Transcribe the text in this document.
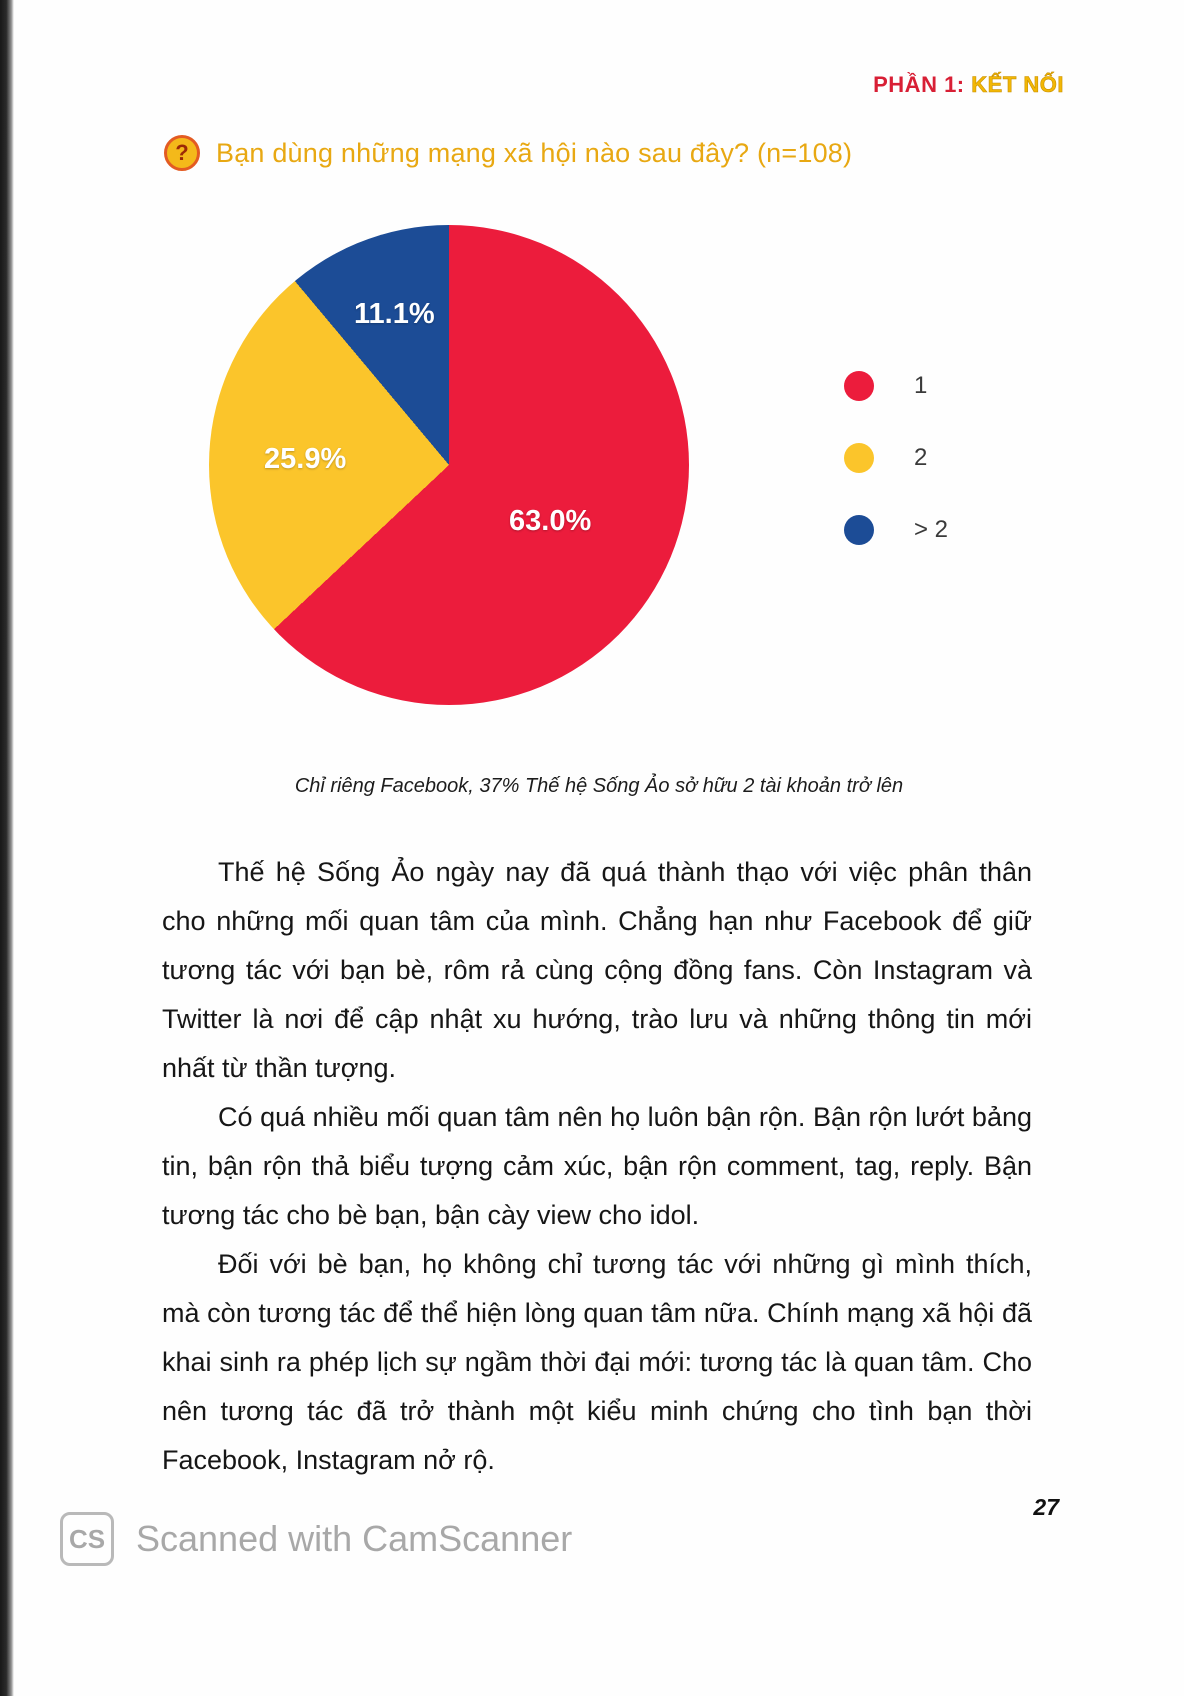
PHẦN 1: KẾT NỐI
?	Bạn dùng những mạng xã hội nào sau đây? (n=108)
63.0%
25.9%
11.1%
1
2
> 2
Chỉ riêng Facebook, 37% Thế hệ Sống Ảo sở hữu 2 tài khoản trở lên

Thế hệ Sống Ảo ngày nay đã quá thành thạo với việc phân thân cho những mối quan tâm của mình. Chẳng hạn như Facebook để giữ tương tác với bạn bè, rôm rả cùng cộng đồng fans. Còn Instagram và Twitter là nơi để cập nhật xu hướng, trào lưu và những thông tin mới nhất từ thần tượng.

Có quá nhiều mối quan tâm nên họ luôn bận rộn. Bận rộn lướt bảng tin, bận rộn thả biểu tượng cảm xúc, bận rộn comment, tag, reply. Bận tương tác cho bè bạn, bận cày view cho idol.

Đối với bè bạn, họ không chỉ tương tác với những gì mình thích, mà còn tương tác để thể hiện lòng quan tâm nữa. Chính mạng xã hội đã khai sinh ra phép lịch sự ngầm thời đại mới: tương tác là quan tâm. Cho nên tương tác đã trở thành một kiểu minh chứng cho tình bạn thời Facebook, Instagram nở rộ.

27
CS Scanned with CamScanner
